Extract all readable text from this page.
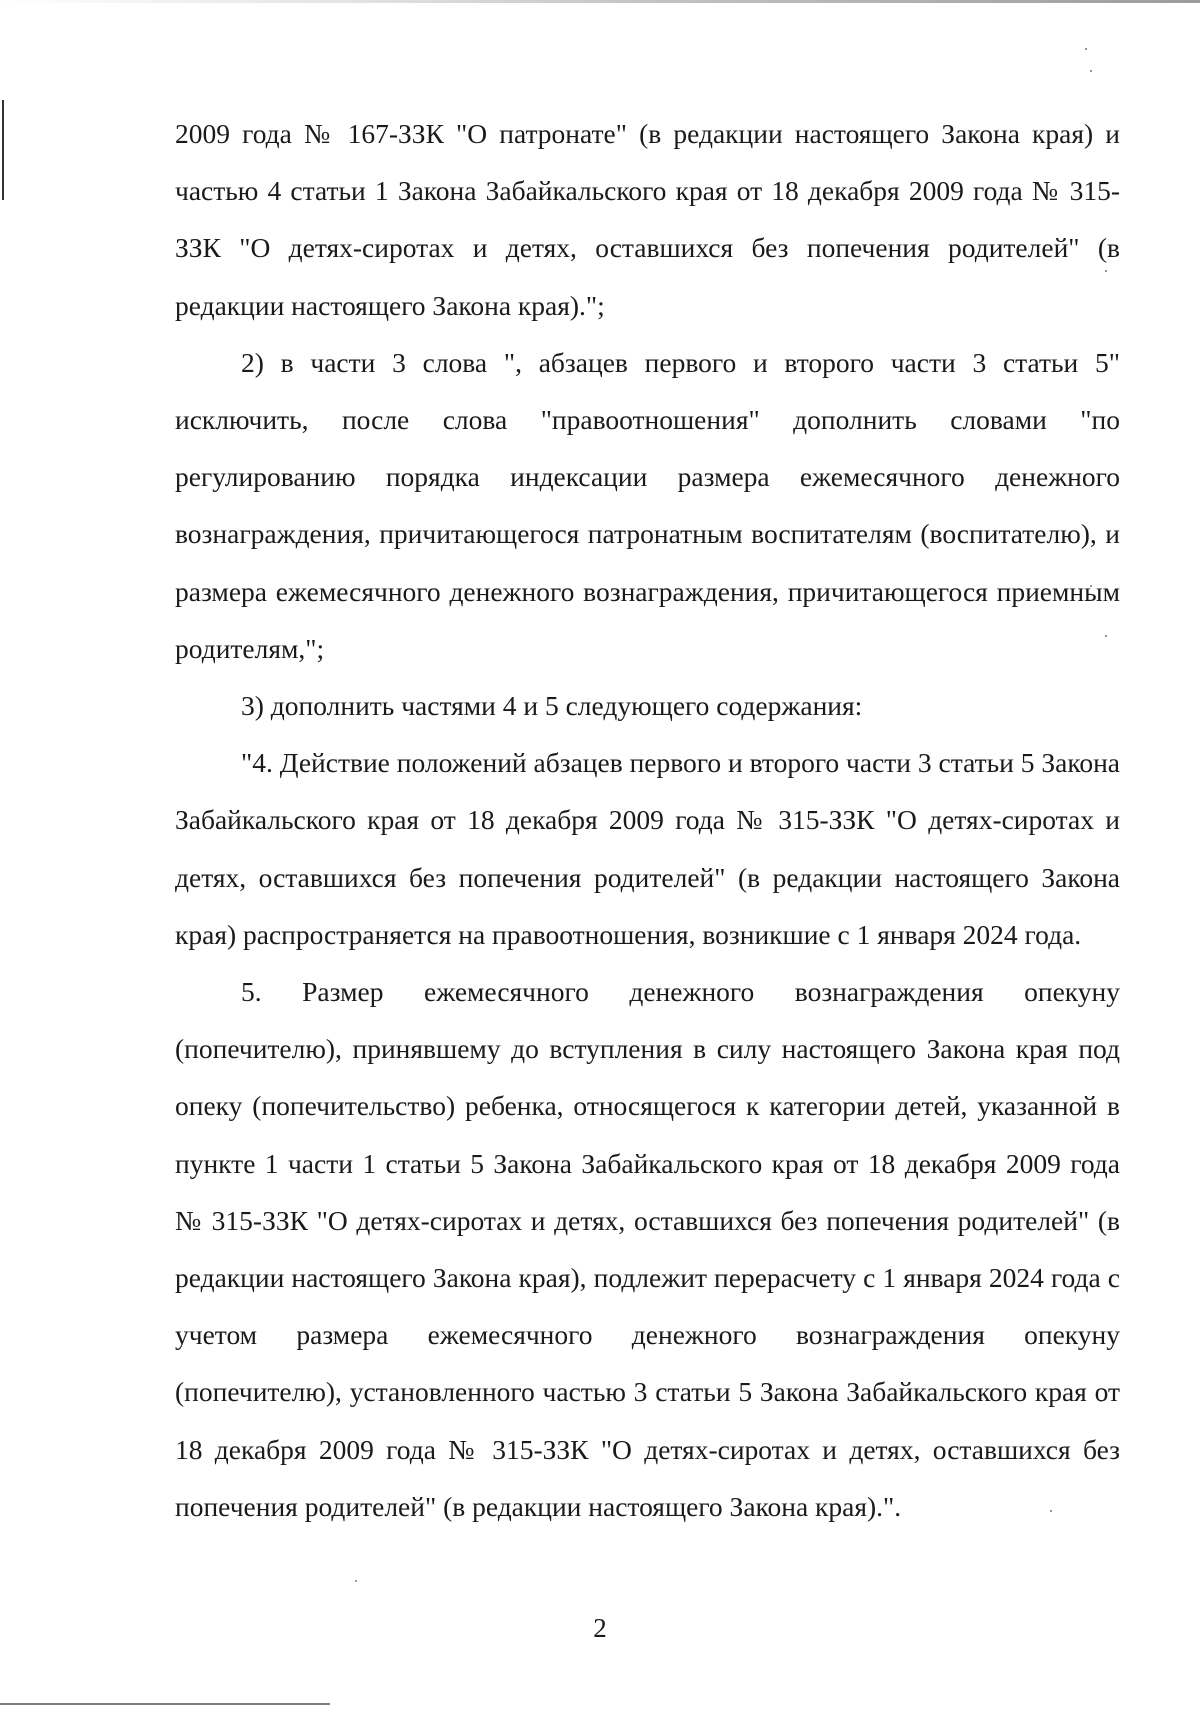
2009 года № 167-ЗЗК "О патронате" (в редакции настоящего Закона края) и частью 4 статьи 1 Закона Забайкальского края от 18 декабря 2009 года № 315-ЗЗК "О детях-сиротах и детях, оставшихся без попечения родителей" (в редакции настоящего Закона края).";

2) в части 3 слова ", абзацев первого и второго части 3 статьи 5" исключить, после слова "правоотношения" дополнить словами "по регулированию порядка индексации размера ежемесячного денежного вознаграждения, причитающегося патронатным воспитателям (воспитателю), и размера ежемесячного денежного вознаграждения, причитающегося приемным родителям,";

3) дополнить частями 4 и 5 следующего содержания:

"4. Действие положений абзацев первого и второго части 3 статьи 5 Закона Забайкальского края от 18 декабря 2009 года № 315-ЗЗК "О детях-сиротах и детях, оставшихся без попечения родителей" (в редакции настоящего Закона края) распространяется на правоотношения, возникшие с 1 января 2024 года.

5. Размер ежемесячного денежного вознаграждения опекуну (попечителю), принявшему до вступления в силу настоящего Закона края под опеку (попечительство) ребенка, относящегося к категории детей, указанной в пункте 1 части 1 статьи 5 Закона Забайкальского края от 18 декабря 2009 года № 315-ЗЗК "О детях-сиротах и детях, оставшихся без попечения родителей" (в редакции настоящего Закона края), подлежит перерасчету с 1 января 2024 года с учетом размера ежемесячного денежного вознаграждения опекуну (попечителю), установленного частью 3 статьи 5 Закона Забайкальского края от 18 декабря 2009 года № 315-ЗЗК "О детях-сиротах и детях, оставшихся без попечения родителей" (в редакции настоящего Закона края).".

2
